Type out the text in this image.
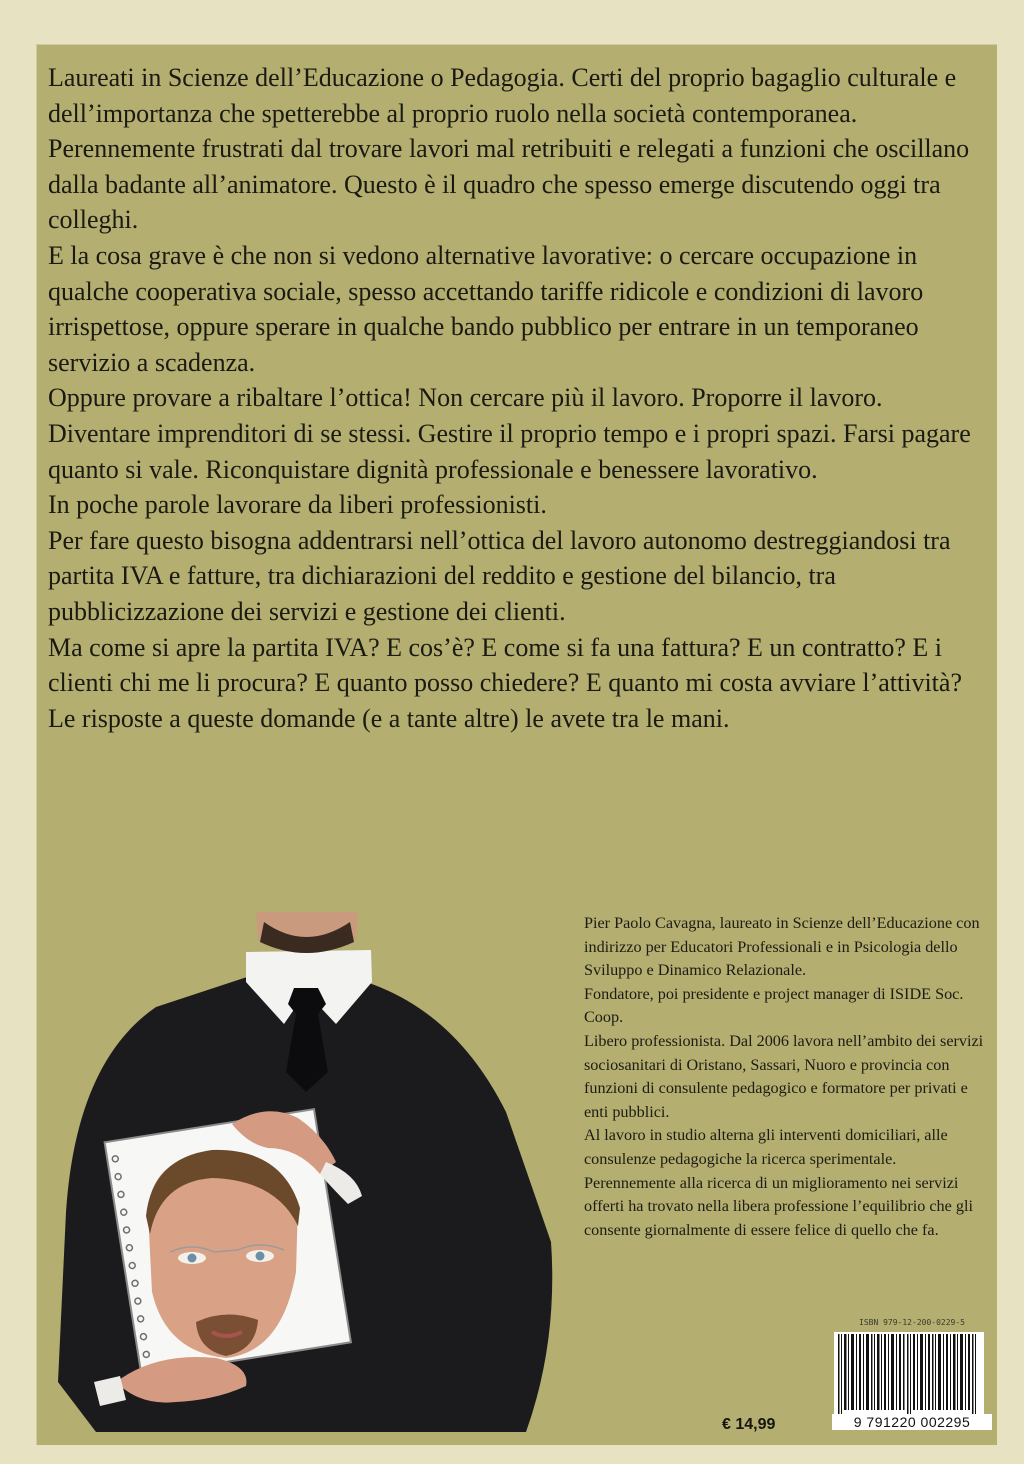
Laureati in Scienze dell’Educazione o Pedagogia. Certi del proprio bagaglio culturale e dell’importanza che spetterebbe al proprio ruolo nella società contemporanea.

Perennemente frustrati dal trovare lavori mal retribuiti e relegati a funzioni che oscillano dalla badante all’animatore. Questo è il quadro che spesso emerge discutendo oggi tra colleghi.

E la cosa grave è che non si vedono alternative lavorative: o cercare occupazione in qualche cooperativa sociale, spesso accettando tariffe ridicole e condizioni di lavoro irrispettose, oppure sperare in qualche bando pubblico per entrare in un temporaneo servizio a scadenza.

Oppure provare a ribaltare l’ottica! Non cercare più il lavoro. Proporre il lavoro.

Diventare imprenditori di se stessi. Gestire il proprio tempo e i propri spazi. Farsi pagare quanto si vale. Riconquistare dignità professionale e benessere lavorativo.

In poche parole lavorare da liberi professionisti.

Per fare questo bisogna addentrarsi nell’ottica del lavoro autonomo destreggiandosi tra partita IVA e fatture, tra dichiarazioni del reddito e gestione del bilancio, tra pubblicizzazione dei servizi e gestione dei clienti.

Ma come si apre la partita IVA? E cos’è? E come si fa una fattura? E un contratto? E i clienti chi me li procura? E quanto posso chiedere? E quanto mi costa avviare l’attività?

Le risposte a queste domande (e a tante altre) le avete tra le mani.

Pier Paolo Cavagna, laureato in Scienze dell’Educazione con indirizzo per Educatori Professionali e in Psicologia dello Sviluppo e Dinamico Relazionale.

Fondatore, poi presidente e project manager di ISIDE Soc. Coop.

Libero professionista. Dal 2006 lavora nell’ambito dei servizi sociosanitari di Oristano, Sassari, Nuoro e provincia con funzioni di consulente pedagogico e formatore per privati e enti pubblici.

Al lavoro in studio alterna gli interventi domiciliari, alle consulenze pedagogiche la ricerca sperimentale.

Perennemente alla ricerca di un miglioramento nei servizi offerti ha trovato nella libera professione l’equilibrio che gli consente giornalmente di essere felice di quello che fa.

€ 14,99
ISBN 979-12-200-0229-5
9 791220 002295
